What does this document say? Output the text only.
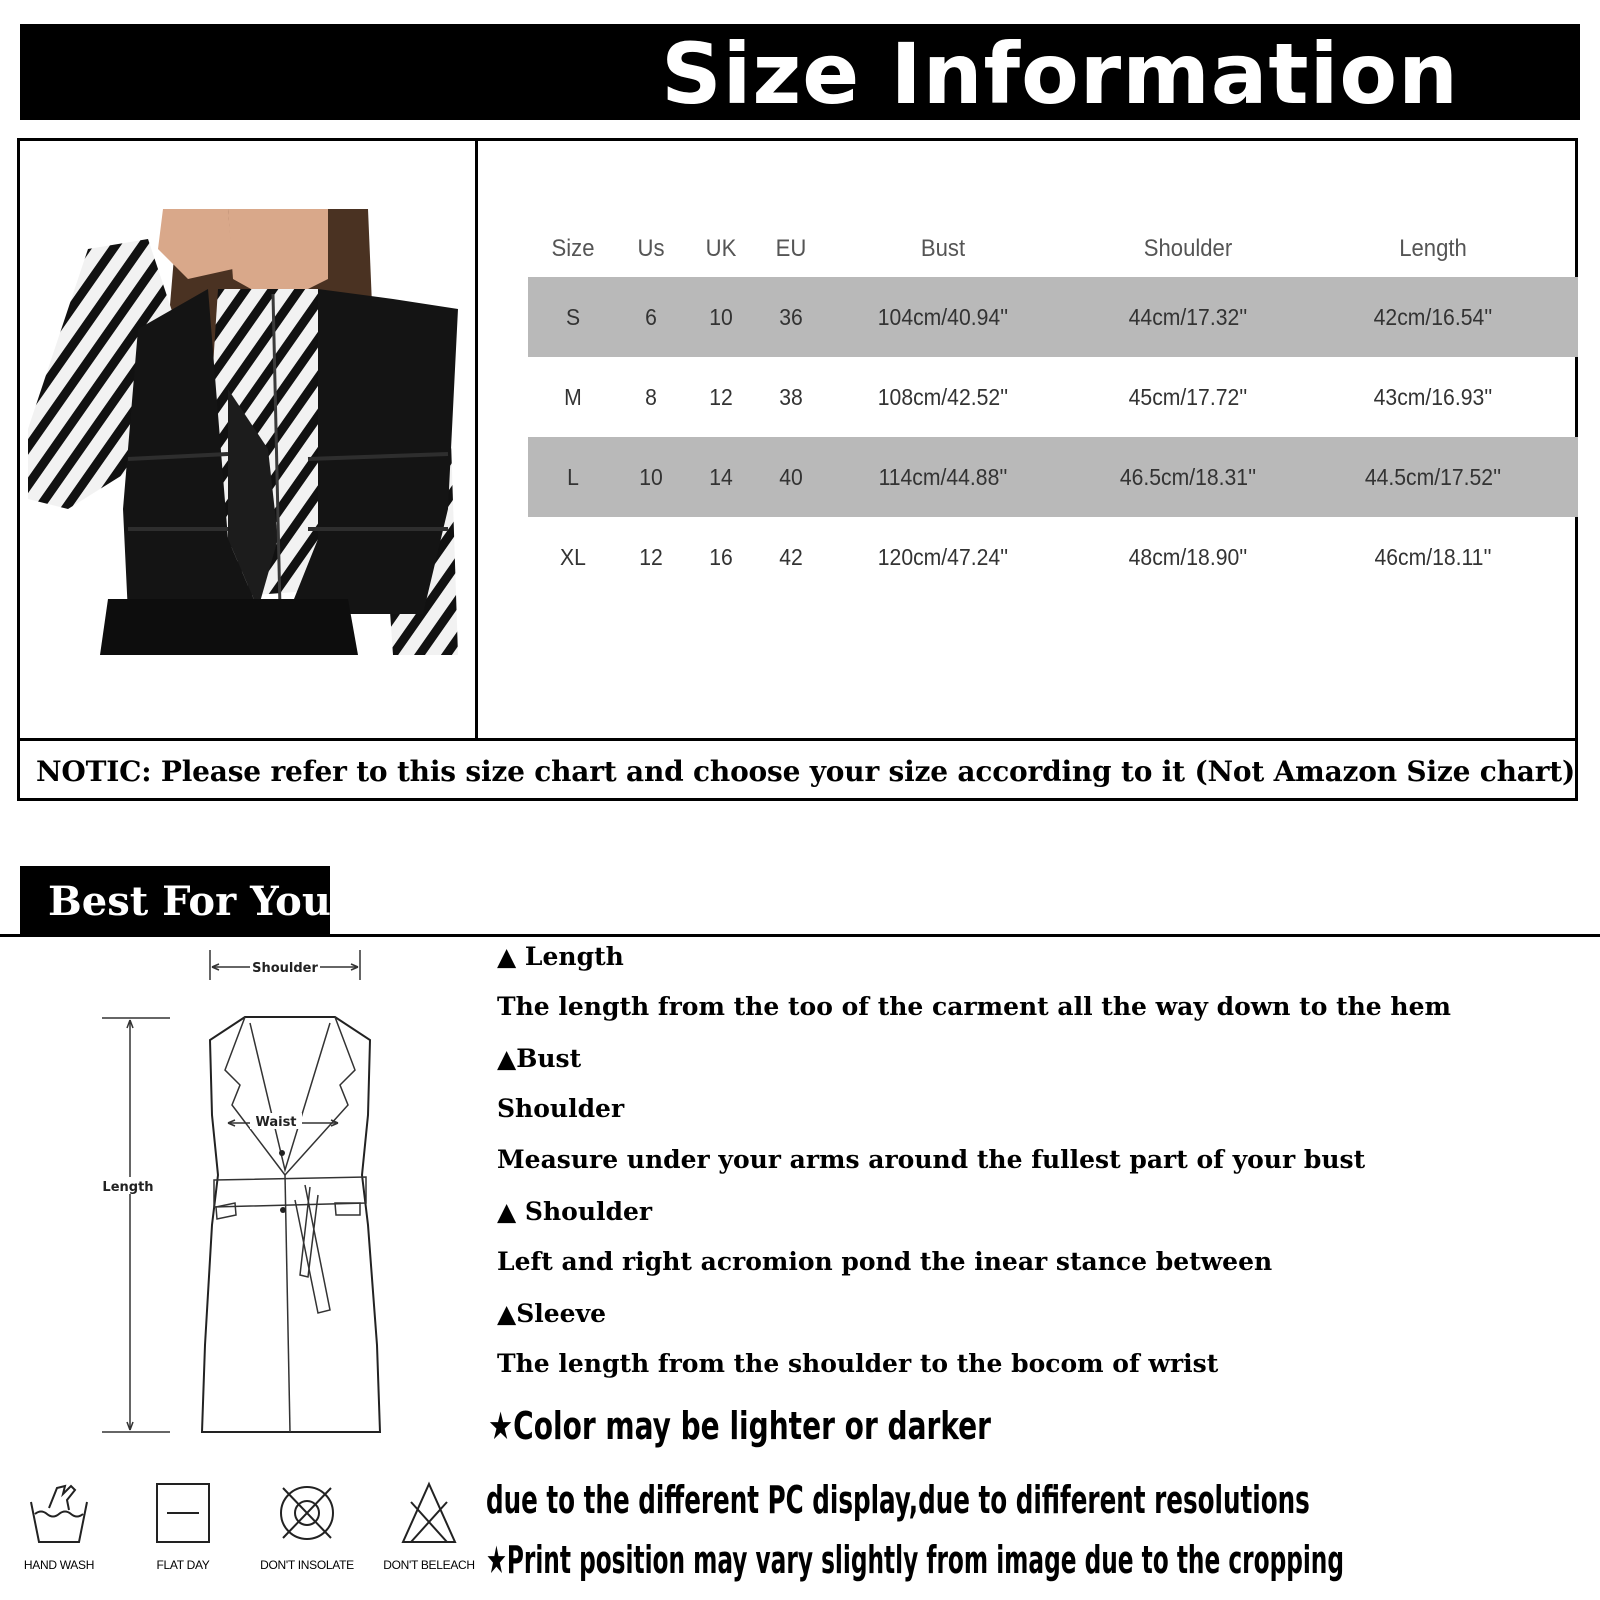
Size Information
Size	Us	UK	EU	Bust	Shoulder	Length
S	6	10	36	104cm/40.94''	44cm/17.32''	42cm/16.54''
M	8	12	38	108cm/42.52''	45cm/17.72''	43cm/16.93''
L	10	14	40	114cm/44.88''	46.5cm/18.31''	44.5cm/17.52''
XL	12	16	42	120cm/47.24''	48cm/18.90''	46cm/18.11''
NOTIC: Please refer to this size chart and choose your size according to it (Not Amazon Size chart)
Best For You
Waist
Shoulder
Length
HAND WASH	FLAT DAY	DON'T INSOLATE	DON'T BELEACH
▲ Length
The length from the too of the carment all the way down to the hem
▲Bust
Shoulder
Measure under your arms around the fullest part of your bust
▲ Shoulder
Left and right acromion pond the inear stance between
▲Sleeve
The length from the shoulder to the bocom of wrist
★Color may be lighter or darker
due to the different PC display,due to dififerent resolutions
★Print position may vary slightly from image due to the cropping
